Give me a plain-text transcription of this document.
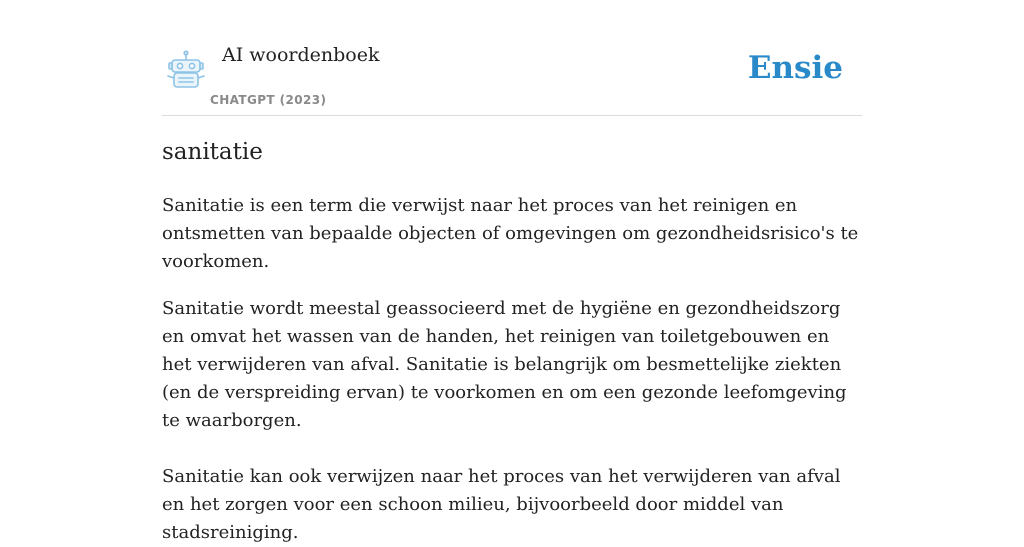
AI woordenboek
CHATGPT (2023)
Ensie
sanitatie

Sanitatie is een term die verwijst naar het proces van het reinigen en ontsmetten van bepaalde objecten of omgevingen om gezondheidsrisico's te voorkomen.

Sanitatie wordt meestal geassocieerd met de hygiëne en gezondheidszorg en omvat het wassen van de handen, het reinigen van toiletgebouwen en het verwijderen van afval. Sanitatie is belangrijk om besmettelijke ziekten (en de verspreiding ervan) te voorkomen en om een gezonde leefomgeving te waarborgen.

Sanitatie kan ook verwijzen naar het proces van het verwijderen van afval en het zorgen voor een schoon milieu, bijvoorbeeld door middel van stadsreiniging.
